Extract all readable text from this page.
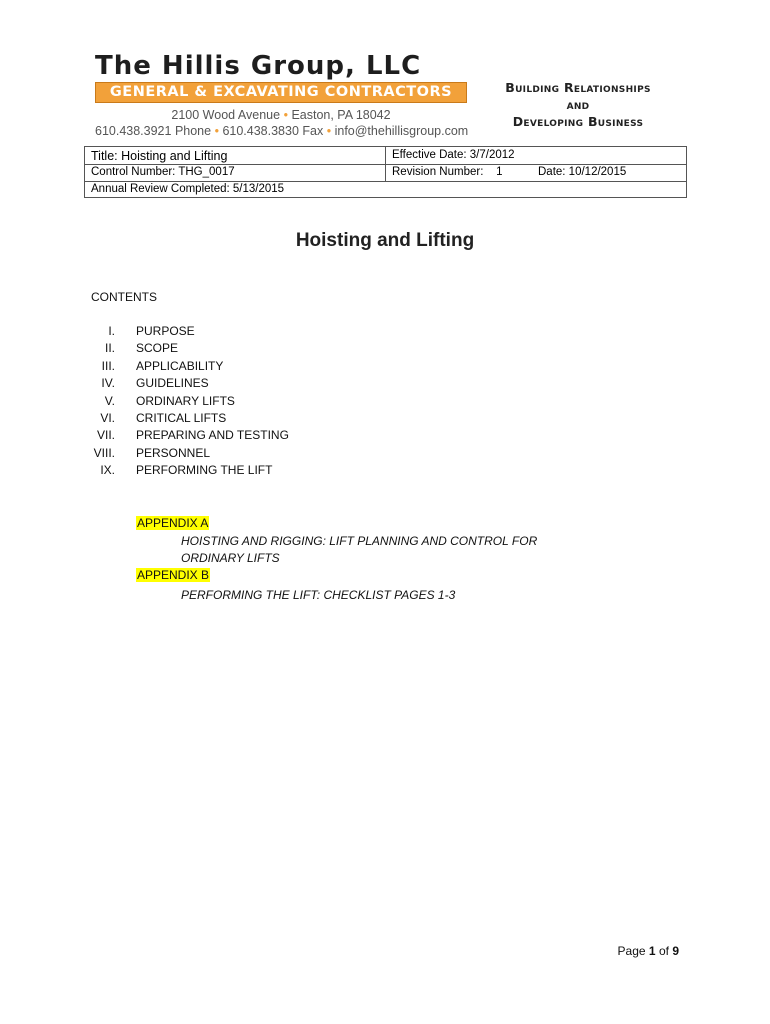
The Hillis Group, LLC
GENERAL & EXCAVATING CONTRACTORS
2100 Wood Avenue • Easton, PA 18042
610.438.3921 Phone • 610.438.3830 Fax • info@thehillisgroup.com
Building Relationships
and
Developing Business
Title: Hoisting and Lifting	Effective Date: 3/7/2012
Control Number: THG_0017	Revision Number:    1	Date: 10/12/2015
Annual Review Completed: 5/13/2015
Hoisting and Lifting
CONTENTS
I. PURPOSE
II. SCOPE
III. APPLICABILITY
IV. GUIDELINES
V. ORDINARY LIFTS
VI. CRITICAL LIFTS
VII. PREPARING AND TESTING
VIII. PERSONNEL
IX. PERFORMING THE LIFT
APPENDIX A
HOISTING AND RIGGING: LIFT PLANNING AND CONTROL FOR
ORDINARY LIFTS
APPENDIX B
PERFORMING THE LIFT: CHECKLIST PAGES 1-3
Page 1 of 9
